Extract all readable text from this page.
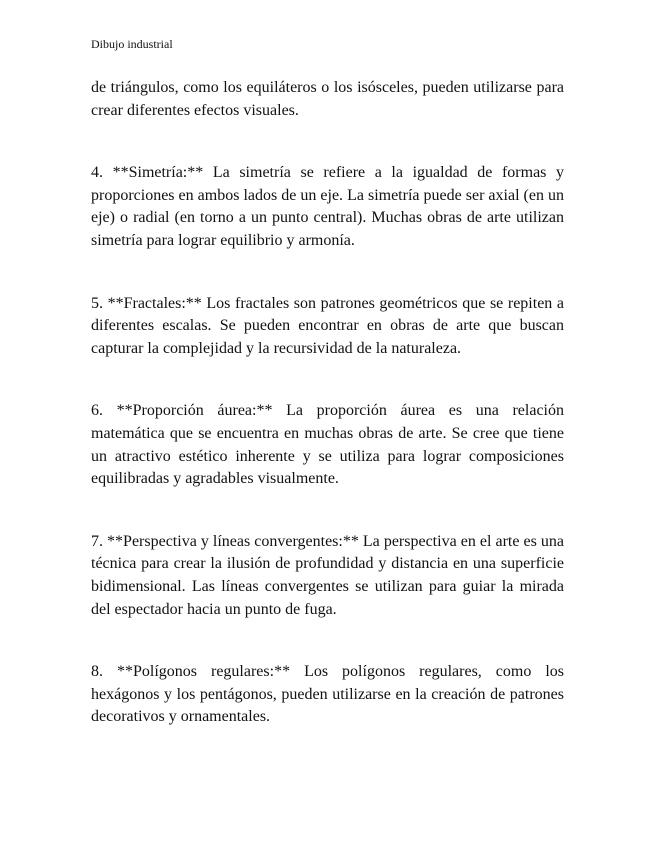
Dibujo industrial

de triángulos, como los equiláteros o los isósceles, pueden utilizarse para crear diferentes efectos visuales.

4. **Simetría:** La simetría se refiere a la igualdad de formas y proporciones en ambos lados de un eje. La simetría puede ser axial (en un eje) o radial (en torno a un punto central). Muchas obras de arte utilizan simetría para lograr equilibrio y armonía.

5. **Fractales:** Los fractales son patrones geométricos que se repiten a diferentes escalas. Se pueden encontrar en obras de arte que buscan capturar la complejidad y la recursividad de la naturaleza.

6. **Proporción áurea:** La proporción áurea es una relación matemática que se encuentra en muchas obras de arte. Se cree que tiene un atractivo estético inherente y se utiliza para lograr composiciones equilibradas y agradables visualmente.

7. **Perspectiva y líneas convergentes:** La perspectiva en el arte es una técnica para crear la ilusión de profundidad y distancia en una superficie bidimensional. Las líneas convergentes se utilizan para guiar la mirada del espectador hacia un punto de fuga.

8. **Polígonos regulares:** Los polígonos regulares, como los hexágonos y los pentágonos, pueden utilizarse en la creación de patrones decorativos y ornamentales.
